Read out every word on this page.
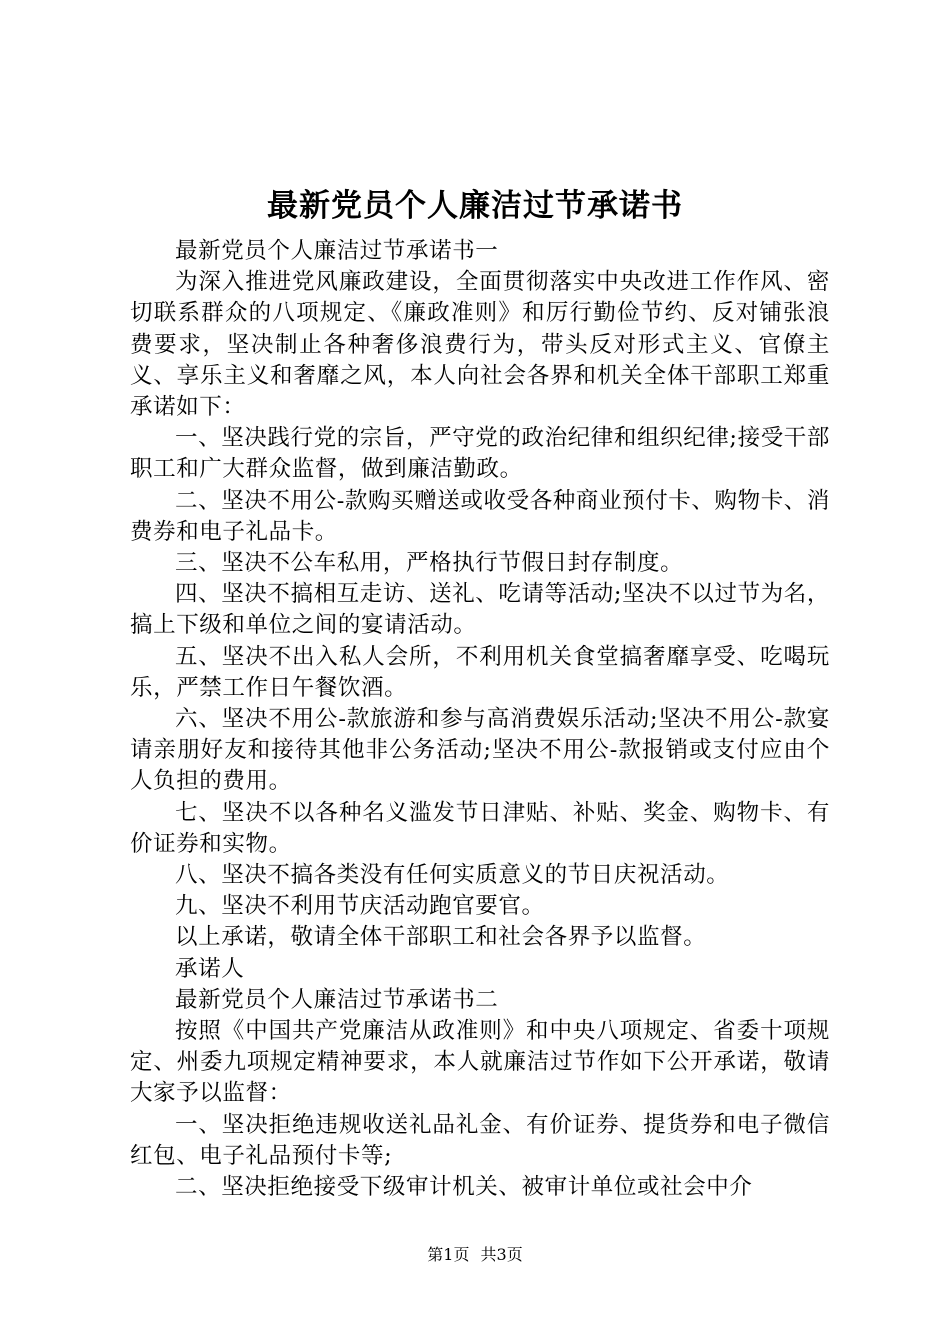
最新党员个人廉洁过节承诺书

最新党员个人廉洁过节承诺书一

为深入推进党风廉政建设，全面贯彻落实中央改进工作作风、密切联系群众的八项规定、《廉政准则》和厉行勤俭节约、反对铺张浪费要求，坚决制止各种奢侈浪费行为，带头反对形式主义、官僚主义、享乐主义和奢靡之风，本人向社会各界和机关全体干部职工郑重承诺如下：

一、坚决践行党的宗旨，严守党的政治纪律和组织纪律;接受干部职工和广大群众监督，做到廉洁勤政。

二、坚决不用公-款购买赠送或收受各种商业预付卡、购物卡、消费券和电子礼品卡。

三、坚决不公车私用，严格执行节假日封存制度。

四、坚决不搞相互走访、送礼、吃请等活动;坚决不以过节为名，搞上下级和单位之间的宴请活动。

五、坚决不出入私人会所，不利用机关食堂搞奢靡享受、吃喝玩乐，严禁工作日午餐饮酒。

六、坚决不用公-款旅游和参与高消费娱乐活动;坚决不用公-款宴请亲朋好友和接待其他非公务活动;坚决不用公-款报销或支付应由个人负担的费用。

七、坚决不以各种名义滥发节日津贴、补贴、奖金、购物卡、有价证券和实物。

八、坚决不搞各类没有任何实质意义的节日庆祝活动。

九、坚决不利用节庆活动跑官要官。

以上承诺，敬请全体干部职工和社会各界予以监督。

承诺人

最新党员个人廉洁过节承诺书二

按照《中国共产党廉洁从政准则》和中央八项规定、省委十项规定、州委九项规定精神要求，本人就廉洁过节作如下公开承诺，敬请大家予以监督：

一、坚决拒绝违规收送礼品礼金、有价证券、提货券和电子微信红包、电子礼品预付卡等;

二、坚决拒绝接受下级审计机关、被审计单位或社会中介

第1页 共3页
